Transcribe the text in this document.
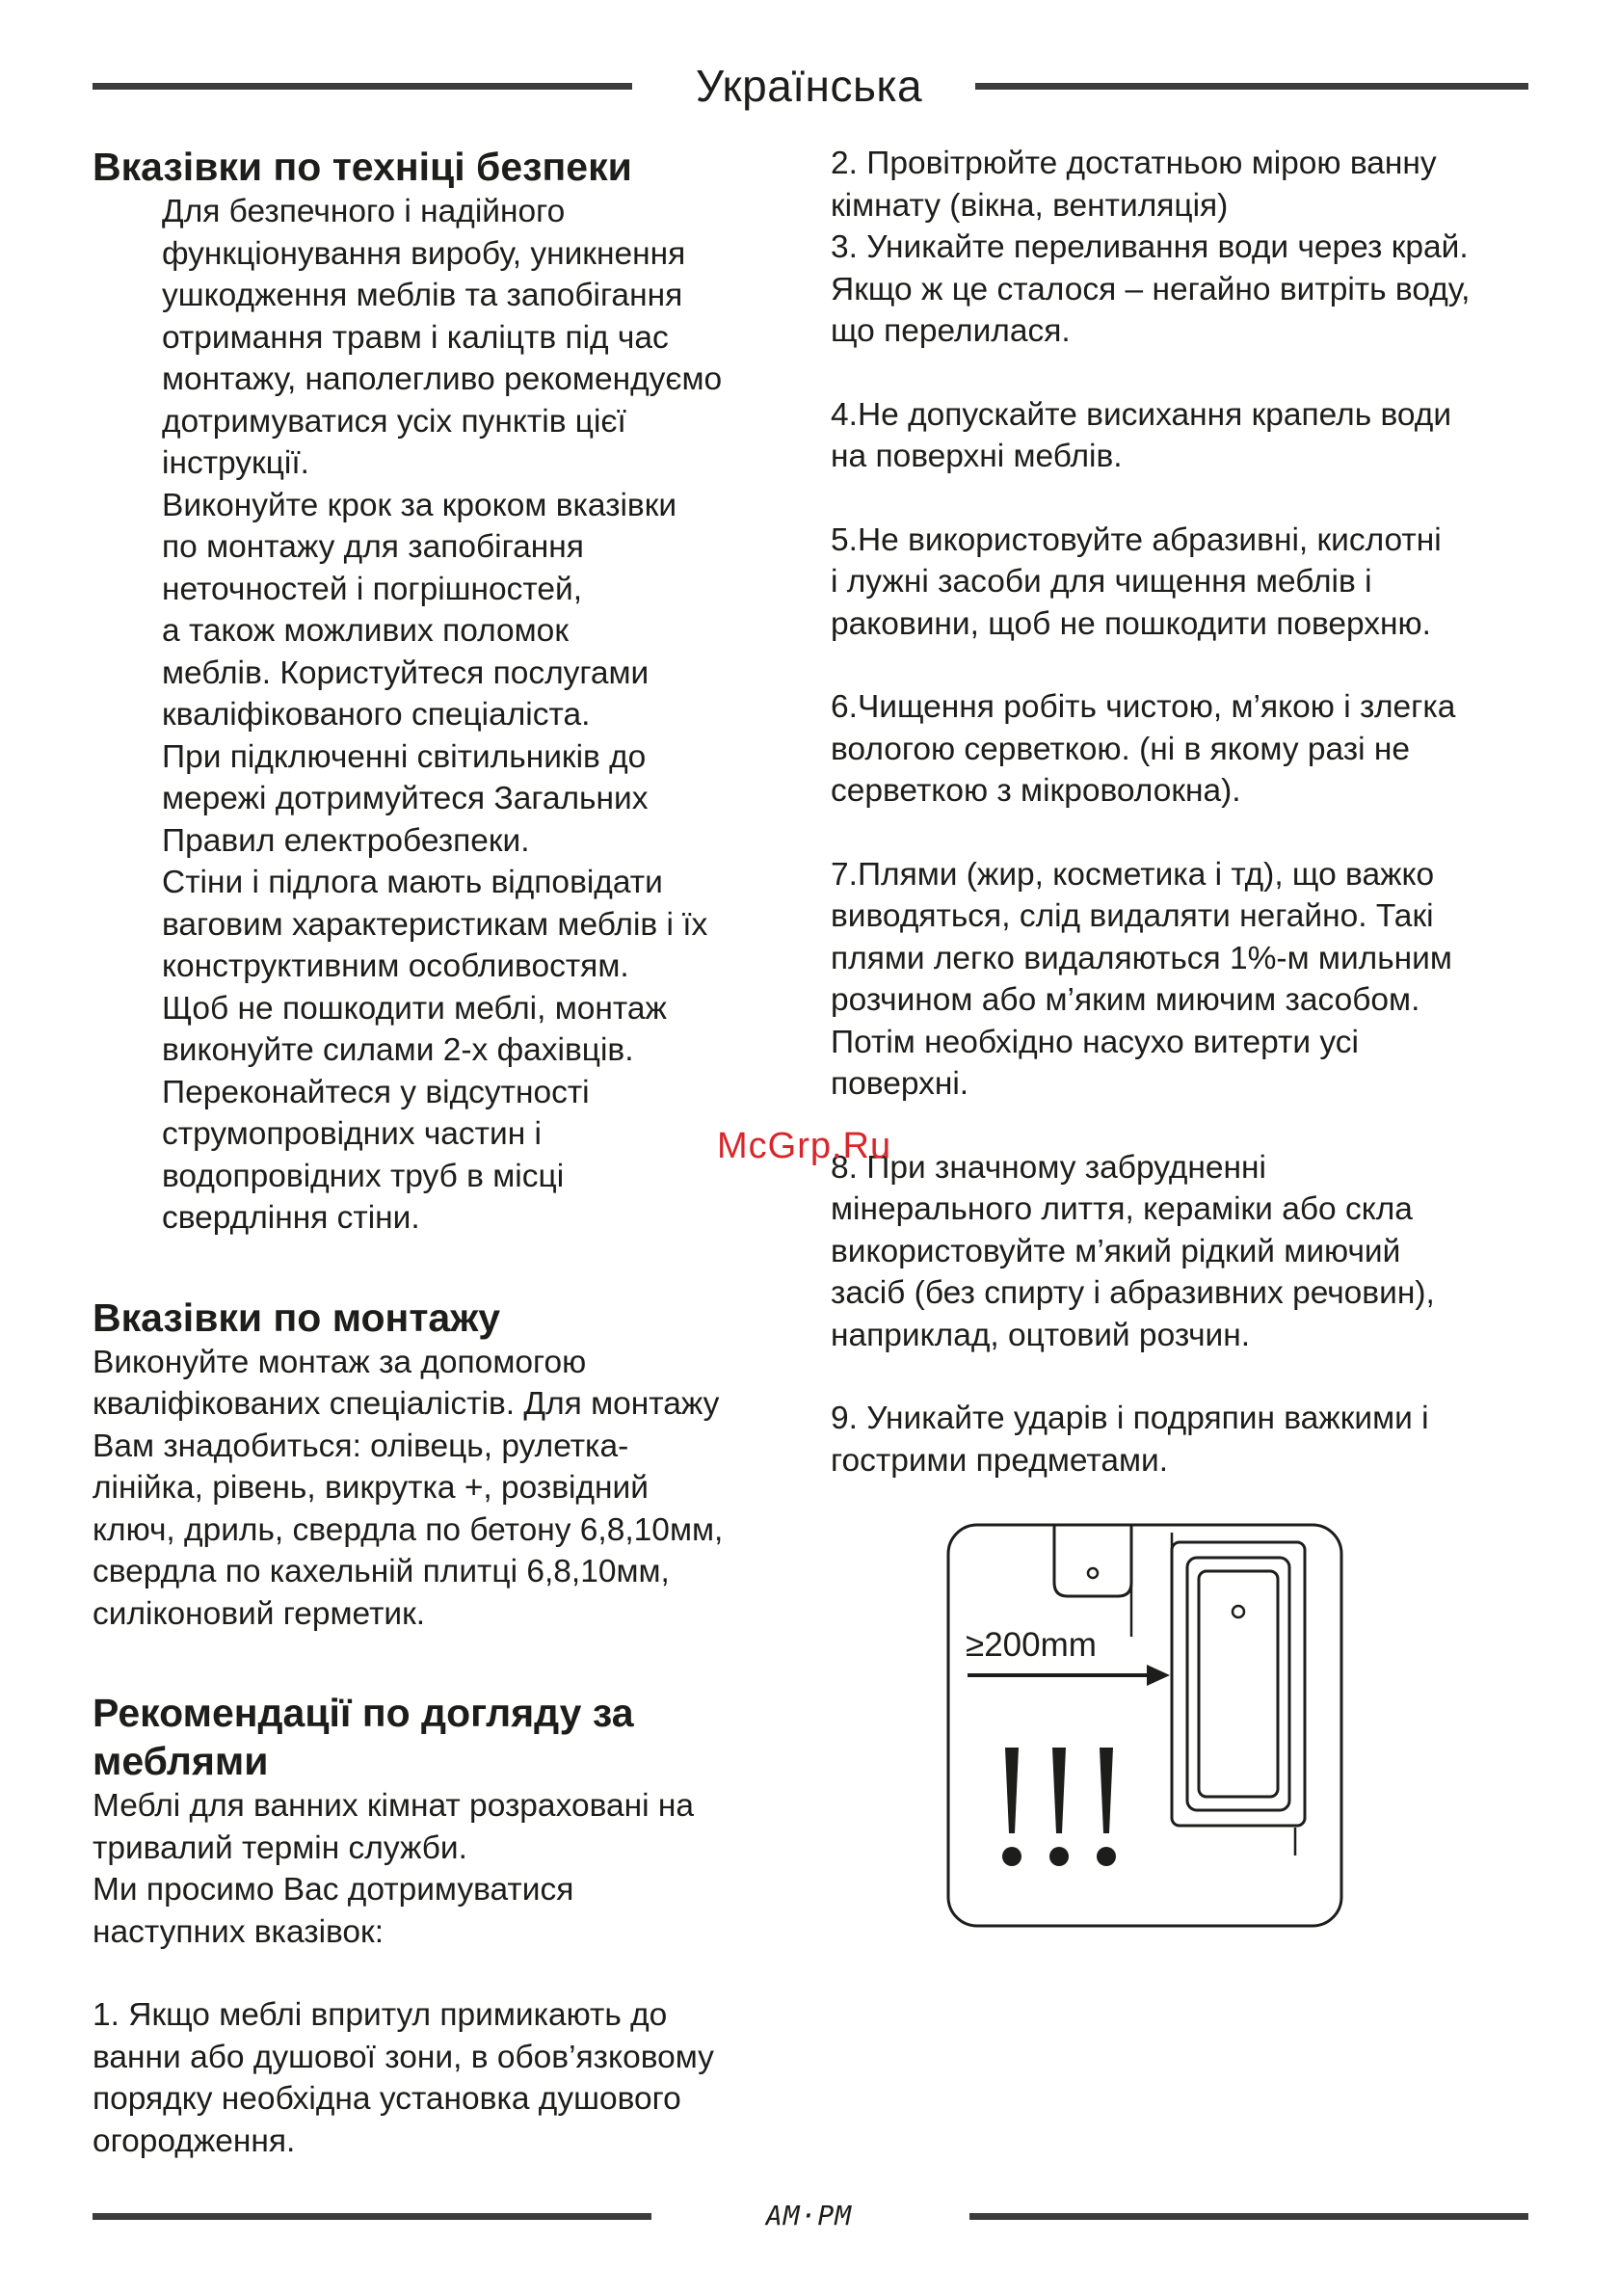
Українська
Вказівки по техніці безпеки
Для безпечного і надійного
функціонування виробу, уникнення
ушкодження меблів та запобігання
отримання травм і каліцтв під час
монтажу, наполегливо рекомендуємо
дотримуватися усіх пунктів цієї
інструкції.
Виконуйте крок за кроком вказівки
по монтажу для запобігання
неточностей і погрішностей,
а також можливих поломок
меблів. Користуйтеся послугами
кваліфікованого спеціаліста.
При підключенні світильників до
мережі дотримуйтеся Загальних
Правил електробезпеки.
Стіни і підлога мають відповідати
ваговим характеристикам меблів і їх
конструктивним особливостям.
Щоб не пошкодити меблі, монтаж
виконуйте силами 2-х фахівців.
Переконайтеся у відсутності
струмопровідних частин і
водопровідних труб в місці
свердління стіни.
Вказівки по монтажу
Виконуйте монтаж за допомогою
кваліфікованих спеціалістів. Для монтажу
Вам знадобиться: олівець, рулетка-
лінійка, рівень, викрутка +, розвідний
ключ, дриль, свердла по бетону 6,8,10мм,
свердла по кахельній плитці 6,8,10мм,
силіконовий герметик.
Рекомендації по догляду за
меблями
Меблі для ванних кімнат розраховані на
тривалий термін служби.
Ми просимо Вас дотримуватися
наступних вказівок:
1. Якщо меблі впритул примикають до
ванни або душової зони, в обов’язковому
порядку необхідна установка душового
огородження.
2. Провітрюйте достатньою мірою ванну
кімнату (вікна, вентиляція)
3. Уникайте переливання води через край.
Якщо ж це сталося – негайно витріть воду,
що перелилася.
4.Не допускайте висихання крапель води
на поверхні меблів.
5.Не використовуйте абразивні, кислотні
і лужні засоби для чищення меблів і
раковини, щоб не пошкодити поверхню.
6.Чищення робіть чистою, м’якою і злегка
вологою серветкою. (ні в якому разі не
серветкою з мікроволокна).
7.Плями (жир, косметика і тд), що важко
виводяться, слід видаляти негайно. Такі
плями легко видаляються 1%-м мильним
розчином або м’яким миючим засобом.
Потім необхідно насухо витерти усі
поверхні.
8. При значному забрудненні
мінерального лиття, кераміки або скла
використовуйте м’який рідкий миючий
засіб (без спирту і абразивних речовин),
наприклад, оцтовий розчин.
9. Уникайте ударів і подряпин важкими і
гострими предметами.
McGrp.Ru
≥200mm
AM·PM
